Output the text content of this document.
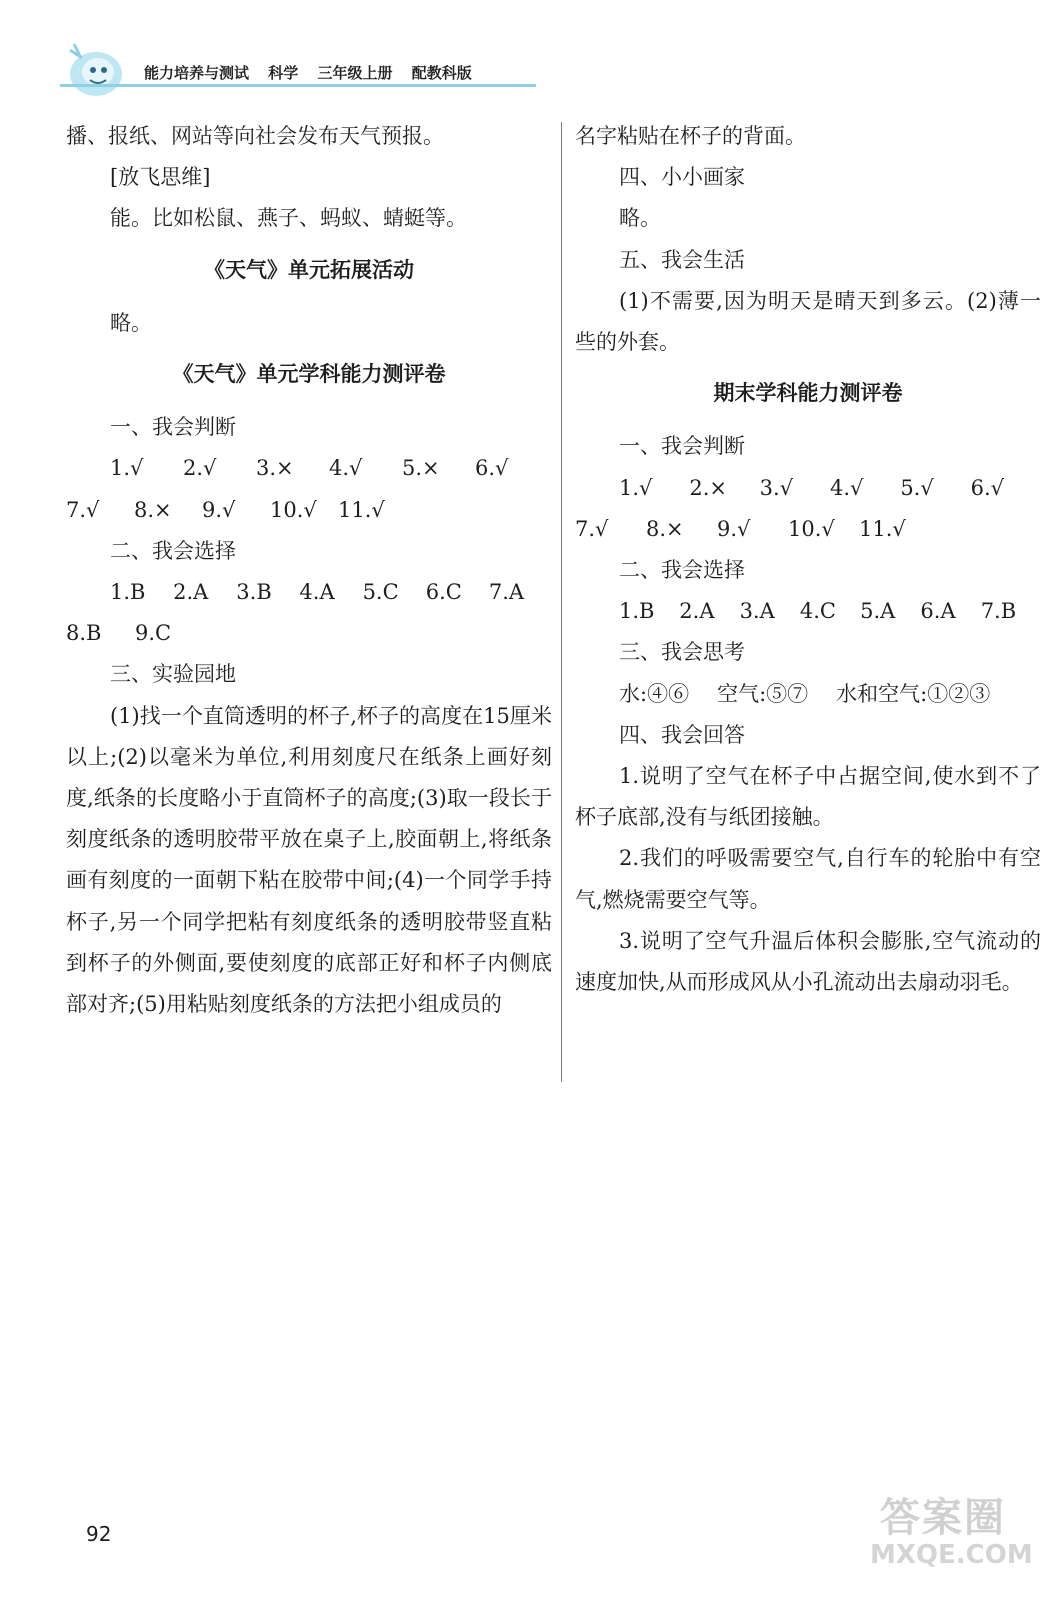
能力培养与测试 科学 三年级上册 配教科版

播、报纸、网站等向社会发布天气预报。

[放飞思维]

能。比如松鼠、燕子、蚂蚁、蜻蜓等。

《天气》单元拓展活动

略。

《天气》单元学科能力测评卷

一、我会判断

1.√	2.√	3.×	4.√	5.×	6.√
7.√	8.×	9.√	10.√	11.√

二、我会选择

1.B	2.A	3.B	4.A	5.C	6.C	7.A
8.B	9.C

三、实验园地

(1)找一个直筒透明的杯子,杯子的高度在15厘米以上;(2)以毫米为单位,利用刻度尺在纸条上画好刻度,纸条的长度略小于直筒杯子的高度;(3)取一段长于刻度纸条的透明胶带平放在桌子上,胶面朝上,将纸条画有刻度的一面朝下粘在胶带中间;(4)一个同学手持杯子,另一个同学把粘有刻度纸条的透明胶带竖直粘到杯子的外侧面,要使刻度的底部正好和杯子内侧底部对齐;(5)用粘贴刻度纸条的方法把小组成员的

名字粘贴在杯子的背面。

四、小小画家

略。

五、我会生活

(1)不需要,因为明天是晴天到多云。(2)薄一些的外套。

期末学科能力测评卷

一、我会判断

1.√	2.×	3.√	4.√	5.√	6.√
7.√	8.×	9.√	10.√	11.√

二、我会选择

1.B	2.A	3.A	4.C	5.A	6.A	7.B

三、我会思考

水:④⑥ 空气:⑤⑦ 水和空气:①②③

四、我会回答

1.说明了空气在杯子中占据空间,使水到不了杯子底部,没有与纸团接触。

2.我们的呼吸需要空气,自行车的轮胎中有空气,燃烧需要空气等。

3.说明了空气升温后体积会膨胀,空气流动的速度加快,从而形成风从小孔流动出去扇动羽毛。

92	答案圈
MXQE.COM
